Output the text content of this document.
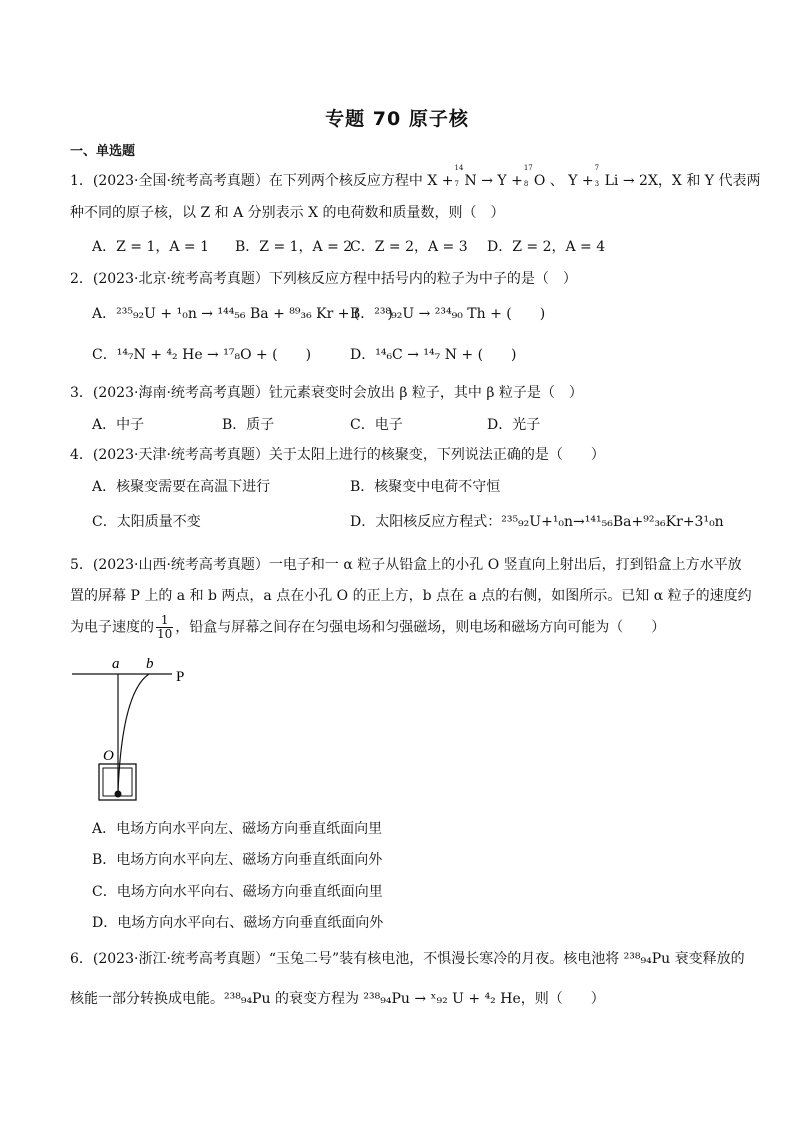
专题 70 原子核
一、单选题
1．(2023·全国·统考高考真题）在下列两个核反应方程中 X +
14
7 N → Y +
17
8 O 、 Y +
7
3 Li → 2X，X 和 Y 代表两
种不同的原子核，以 Z 和 A 分别表示 X 的电荷数和质量数，则（　）
A．Z = 1，A = 1 B．Z = 1，A = 2
C．Z = 2，A = 3 D．Z = 2，A = 4
2．(2023·北京·统考高考真题）下列核反应方程中括号内的粒子为中子的是（　）
A．²³⁵₉₂U + ¹₀n → ¹⁴⁴₅₆ Ba + ⁸⁹₃₆ Kr + (　　)
B．²³⁸₉₂U → ²³⁴₉₀ Th + (　　)
C．¹⁴₇N + ⁴₂ He → ¹⁷₈O + (　　)	D．¹⁴₆C → ¹⁴₇ N + (　　)
3．(2023·海南·统考高考真题）钍元素衰变时会放出 β 粒子，其中 β 粒子是（　）
A．中子	B．质子	C．电子	D．光子
4．(2023·天津·统考高考真题）关于太阳上进行的核聚变，下列说法正确的是（　　）
A．核聚变需要在高温下进行	B．核聚变中电荷不守恒
C．太阳质量不变	D．太阳核反应方程式：²³⁵₉₂U+¹₀n→¹⁴¹₅₆Ba+⁹²₃₆Kr+3¹₀n
5．(2023·山西·统考高考真题）一电子和一 α 粒子从铅盒上的小孔 O 竖直向上射出后，打到铅盒上方水平放
置的屏幕 P 上的 a 和 b 两点，a 点在小孔 O 的正上方，b 点在 a 点的右侧，如图所示。已知 α 粒子的速度约
为电子速度的 $\frac{1}{10}$ ，铅盒与屏幕之间存在匀强电场和匀强磁场，则电场和磁场方向可能为（　　）
a b
P
O
A．电场方向水平向左、磁场方向垂直纸面向里
B．电场方向水平向左、磁场方向垂直纸面向外
C．电场方向水平向右、磁场方向垂直纸面向里
D．电场方向水平向右、磁场方向垂直纸面向外
6．(2023·浙江·统考高考真题）“玉兔二号”装有核电池，不惧漫长寒冷的月夜。核电池将 ²³⁸₉₄Pu 衰变释放的
核能一部分转换成电能。²³⁸₉₄Pu 的衰变方程为 ²³⁸₉₄Pu → ˣ₉₂ U + ⁴₂ He，则（　　）
